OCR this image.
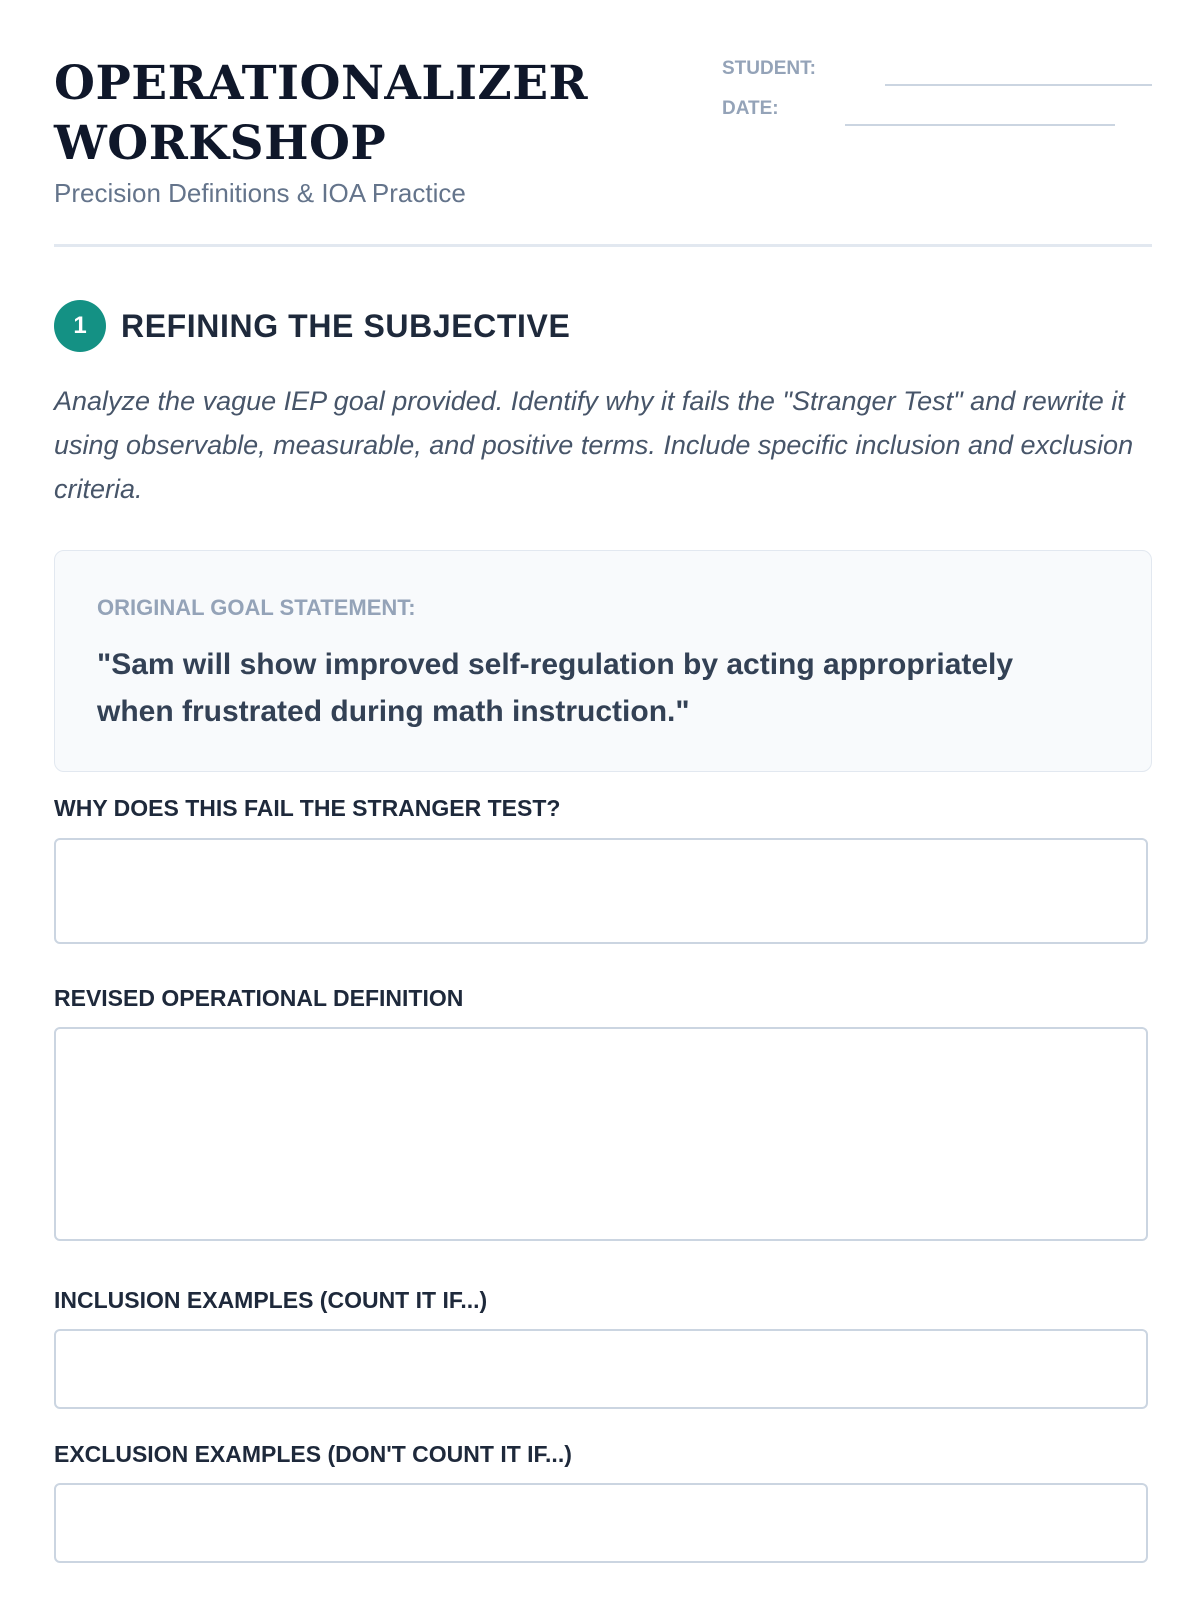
OPERATIONALIZER
WORKSHOP
Precision Definitions & IOA Practice
STUDENT:
DATE:
1	REFINING THE SUBJECTIVE
Analyze the vague IEP goal provided. Identify why it fails the "Stranger Test" and rewrite it using observable, measurable, and positive terms. Include specific inclusion and exclusion criteria.
ORIGINAL GOAL STATEMENT:
"Sam will show improved self-regulation by acting appropriately when frustrated during math instruction."
WHY DOES THIS FAIL THE STRANGER TEST?
REVISED OPERATIONAL DEFINITION
INCLUSION EXAMPLES (COUNT IT IF...)
EXCLUSION EXAMPLES (DON'T COUNT IT IF...)
